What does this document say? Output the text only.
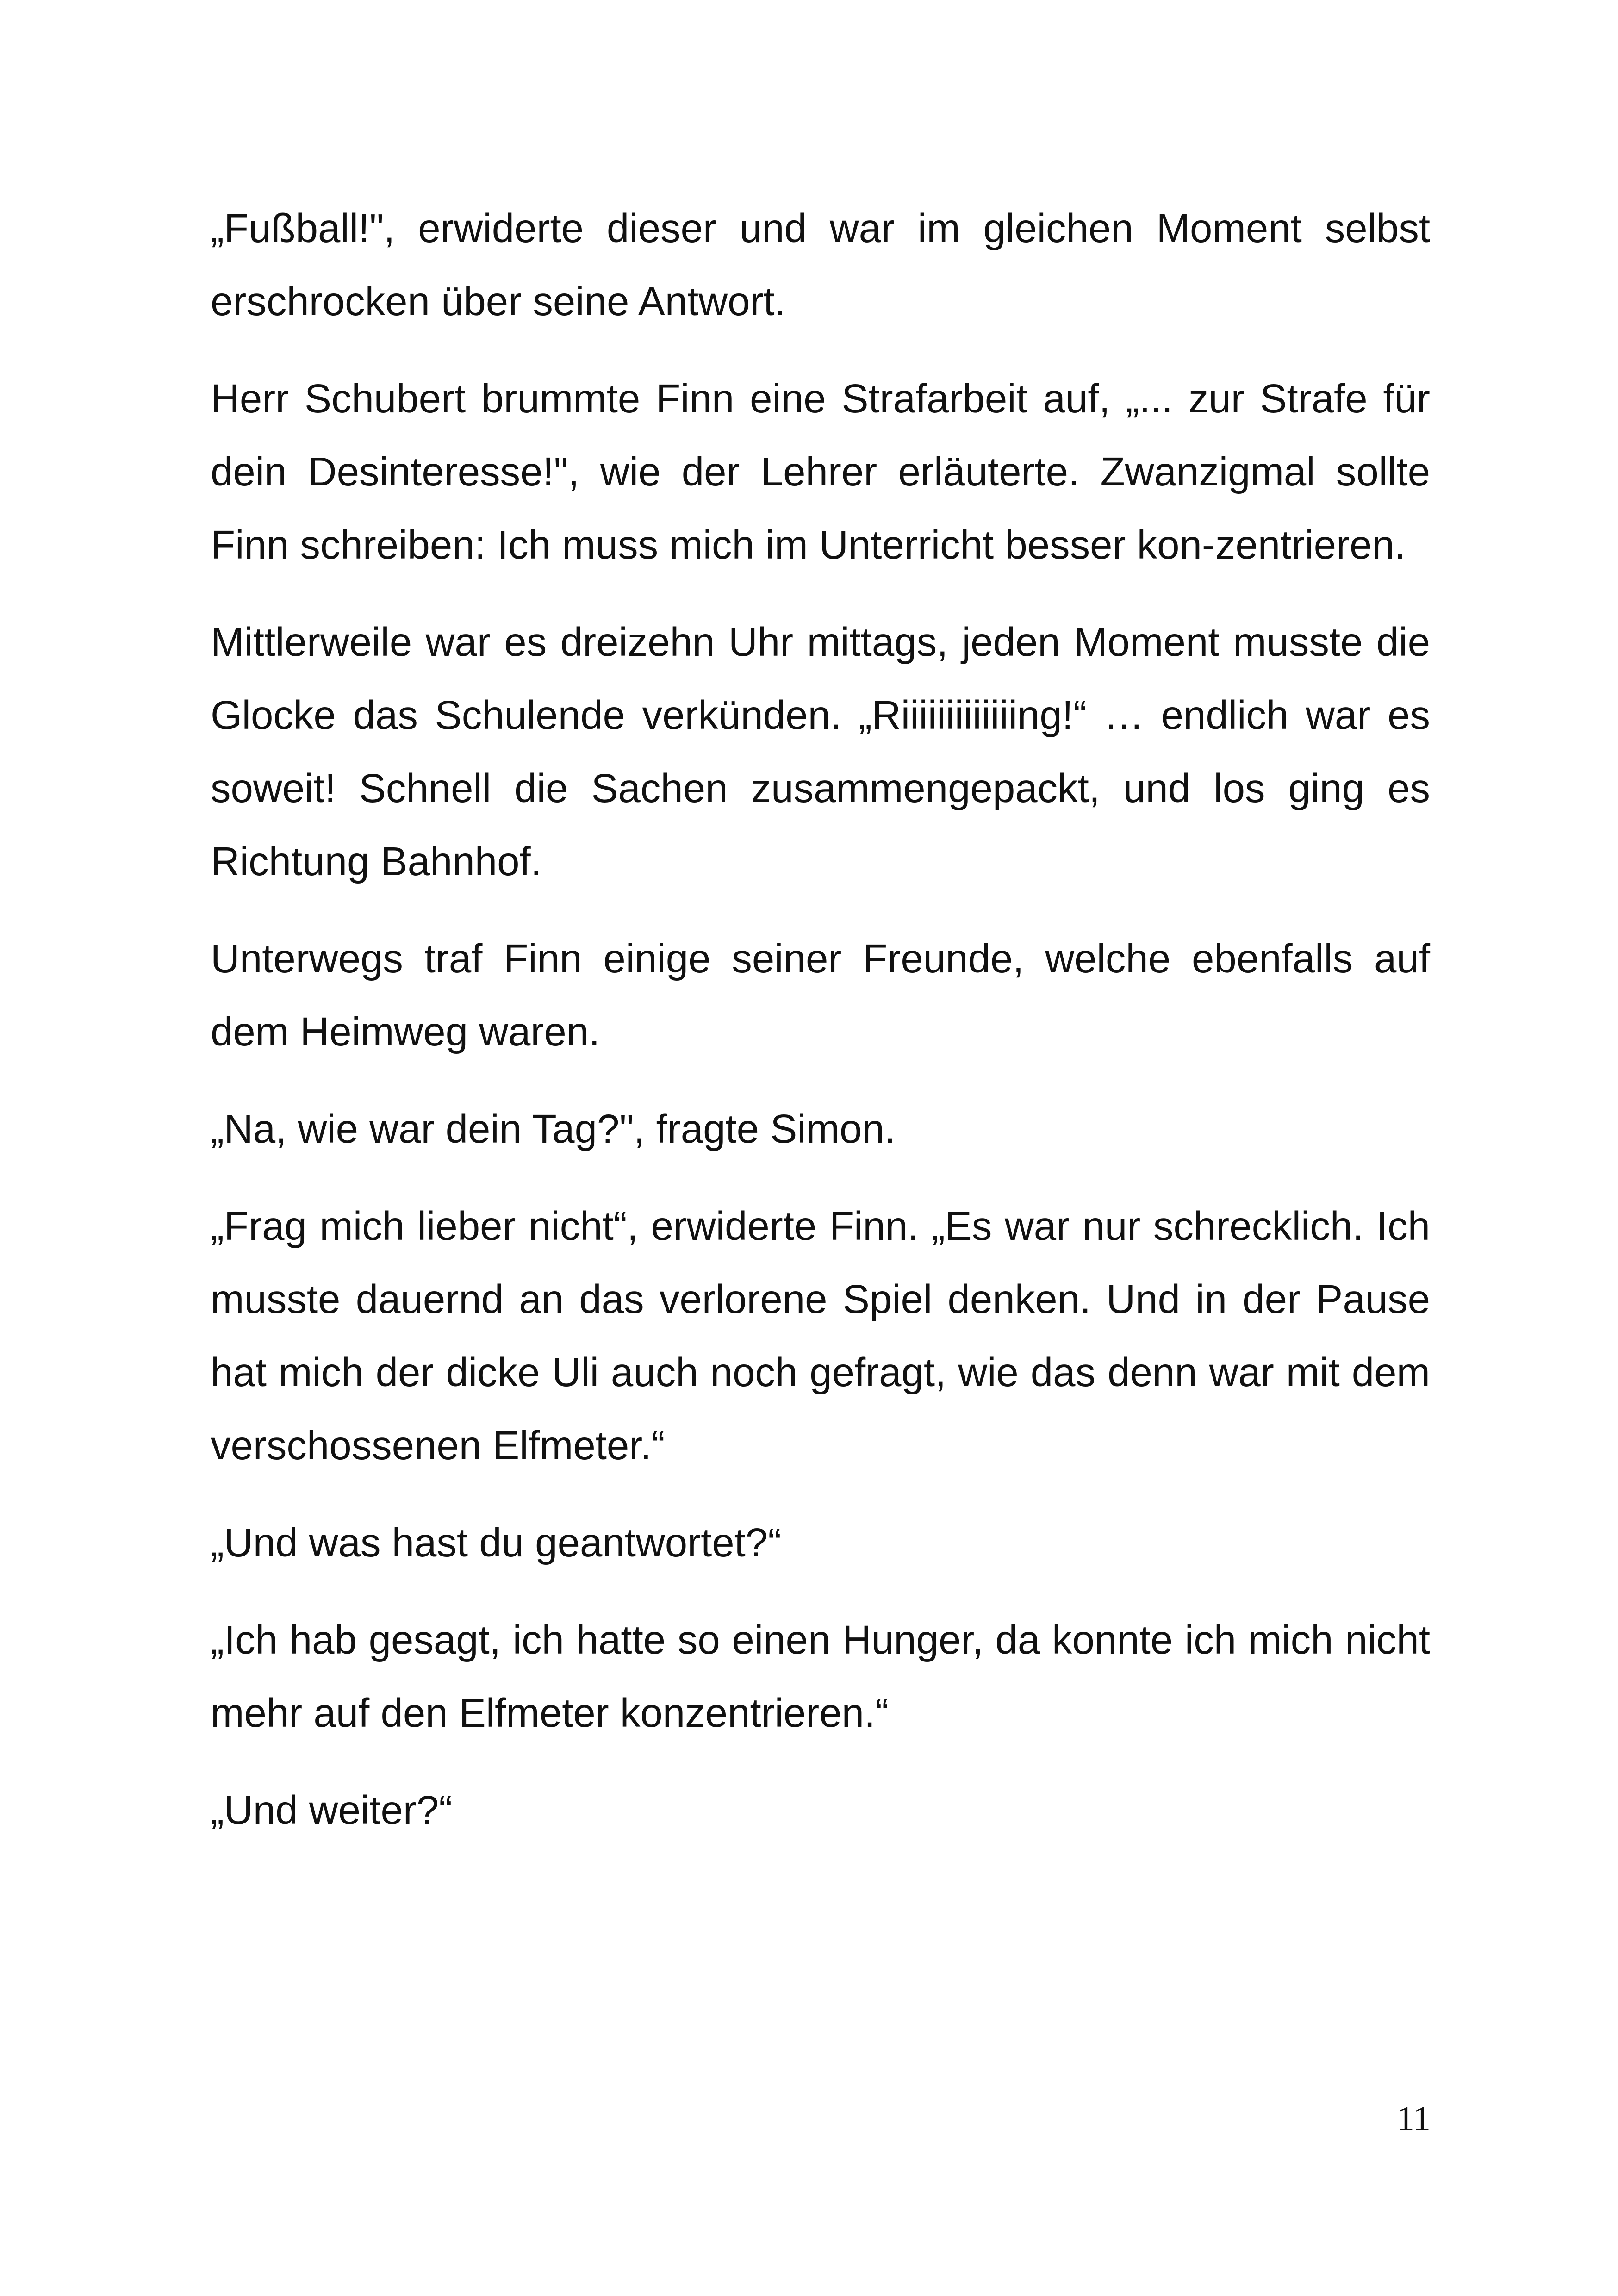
„Fußball!", erwiderte dieser und war im gleichen Moment selbst erschrocken über seine Antwort.

Herr Schubert brummte Finn eine Strafarbeit auf, „... zur Strafe für dein Desinteresse!", wie der Lehrer erläuterte. Zwanzigmal sollte Finn schreiben: Ich muss mich im Unterricht besser kon-zentrieren.

Mittlerweile war es dreizehn Uhr mittags, jeden Moment musste die Glocke das Schulende verkünden. „Riiiiiiiiiiiiing!“ … endlich war es soweit! Schnell die Sachen zusammengepackt, und los ging es Richtung Bahnhof.

Unterwegs traf Finn einige seiner Freunde, welche ebenfalls auf dem Heimweg waren.

„Na, wie war dein Tag?", fragte Simon.

„Frag mich lieber nicht“, erwiderte Finn. „Es war nur schrecklich. Ich musste dauernd an das verlorene Spiel denken. Und in der Pause hat mich der dicke Uli auch noch gefragt, wie das denn war mit dem verschossenen Elfmeter.“

„Und was hast du geantwortet?“

„Ich hab gesagt, ich hatte so einen Hunger, da konnte ich mich nicht mehr auf den Elfmeter konzentrieren.“

„Und weiter?“

11
